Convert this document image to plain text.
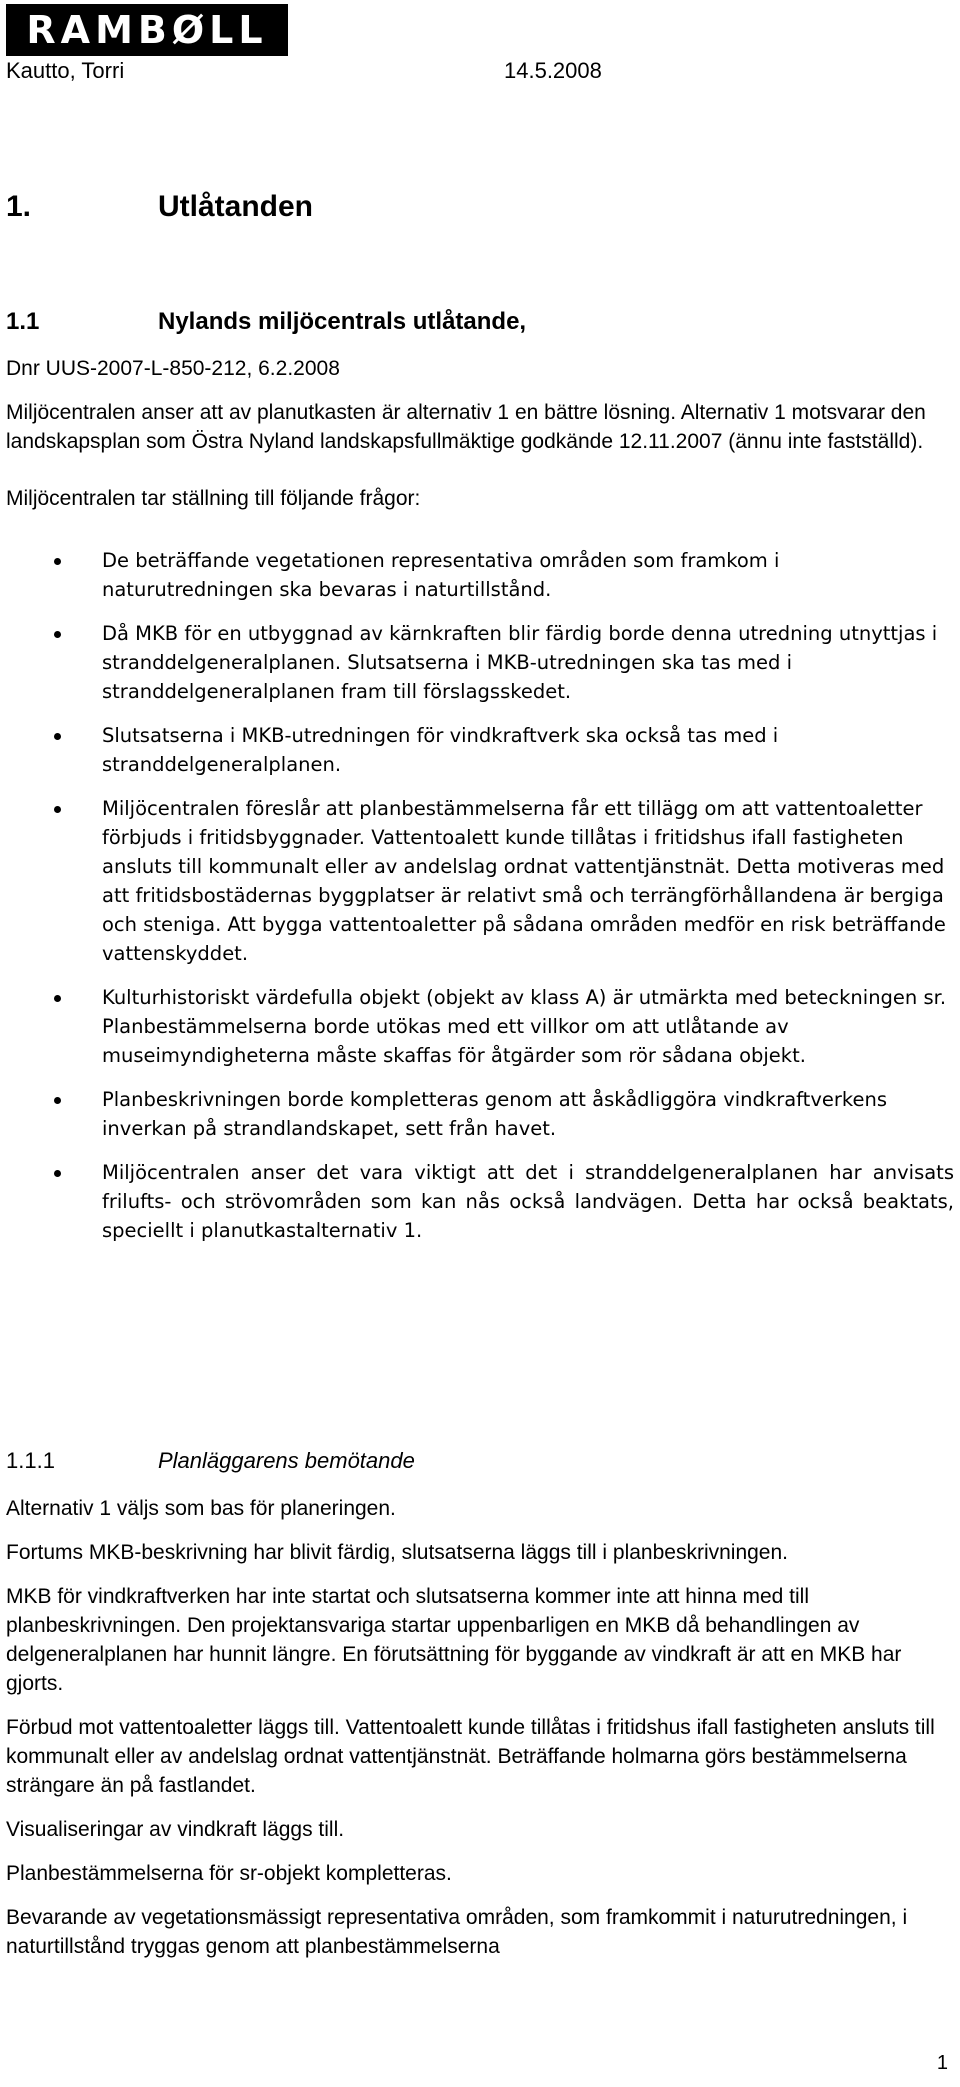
RAMBØLL
Kautto, Torri	14.5.2008
1.	Utlåtanden
1.1	Nylands miljöcentrals utlåtande,
Dnr UUS-2007-L-850-212, 6.2.2008
Miljöcentralen anser att av planutkasten är alternativ 1 en bättre lösning. Alternativ 1 motsvarar den landskapsplan som Östra Nyland landskapsfullmäktige godkände 12.11.2007 (ännu inte fastställd).
Miljöcentralen tar ställning till följande frågor:
De beträffande vegetationen representativa områden som framkom i naturutredningen ska bevaras i naturtillstånd.
Då MKB för en utbyggnad av kärnkraften blir färdig borde denna utredning utnyttjas i stranddelgeneralplanen. Slutsatserna i MKB-utredningen ska tas med i stranddelgeneralplanen fram till förslagsskedet.
Slutsatserna i MKB-utredningen för vindkraftverk ska också tas med i stranddelgeneralplanen.
Miljöcentralen föreslår att planbestämmelserna får ett tillägg om att vattentoaletter förbjuds i fritidsbyggnader. Vattentoalett kunde tillåtas i fritidshus ifall fastigheten ansluts till kommunalt eller av andelslag ordnat vattentjänstnät. Detta motiveras med att fritidsbostädernas byggplatser är relativt små och terrängförhållandena är bergiga och steniga. Att bygga vattentoaletter på sådana områden medför en risk beträffande vattenskyddet.
Kulturhistoriskt värdefulla objekt (objekt av klass A) är utmärkta med beteckningen sr. Planbestämmelserna borde utökas med ett villkor om att utlåtande av museimyndigheterna måste skaffas för åtgärder som rör sådana objekt.
Planbeskrivningen borde kompletteras genom att åskådliggöra vindkraftverkens inverkan på strandlandskapet, sett från havet.
Miljöcentralen anser det vara viktigt att det i stranddelgeneralplanen har anvisats frilufts- och strövområden som kan nås också landvägen. Detta har också beaktats, speciellt i planutkastalternativ 1.
1.1.1	Planläggarens bemötande

Alternativ 1 väljs som bas för planeringen.

Fortums MKB-beskrivning har blivit färdig, slutsatserna läggs till i planbeskrivningen.

MKB för vindkraftverken har inte startat och slutsatserna kommer inte att hinna med till planbeskrivningen. Den projektansvariga startar uppenbarligen en MKB då behandlingen av delgeneralplanen har hunnit längre. En förutsättning för byggande av vindkraft är att en MKB har gjorts.

Förbud mot vattentoaletter läggs till. Vattentoalett kunde tillåtas i fritidshus ifall fastigheten ansluts till kommunalt eller av andelslag ordnat vattentjänstnät. Beträffande holmarna görs bestämmelserna strängare än på fastlandet.

Visualiseringar av vindkraft läggs till.

Planbestämmelserna för sr-objekt kompletteras.

Bevarande av vegetationsmässigt representativa områden, som framkommit i naturutredningen, i naturtillstånd tryggas genom att planbestämmelserna

1
